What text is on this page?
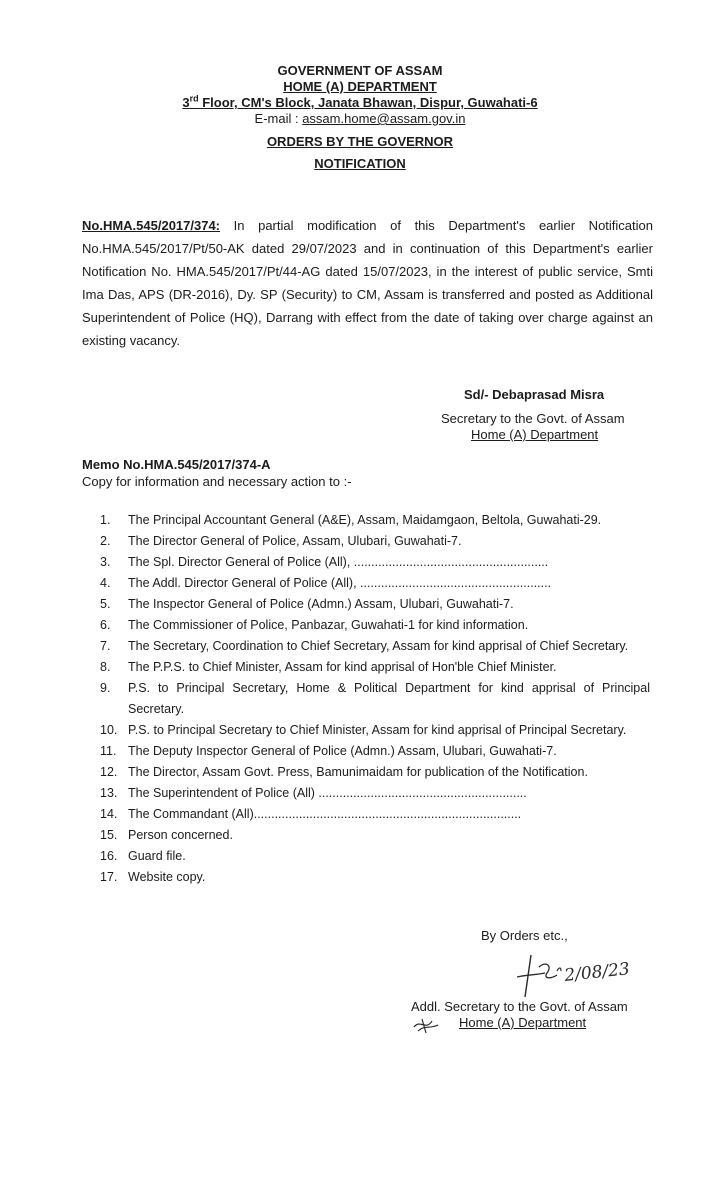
GOVERNMENT OF ASSAM
HOME (A) DEPARTMENT
3rd Floor, CM's Block, Janata Bhawan, Dispur, Guwahati-6
E-mail : assam.home@assam.gov.in
ORDERS BY THE GOVERNOR
NOTIFICATION

No.HMA.545/2017/374: In partial modification of this Department's earlier Notification No.HMA.545/2017/Pt/50-AK dated 29/07/2023 and in continuation of this Department's earlier Notification No. HMA.545/2017/Pt/44-AG dated 15/07/2023, in the interest of public service, Smti Ima Das, APS (DR-2016), Dy. SP (Security) to CM, Assam is transferred and posted as Additional Superintendent of Police (HQ), Darrang with effect from the date of taking over charge against an existing vacancy.

Sd/- Debaprasad Misra
Secretary to the Govt. of Assam
Home (A) Department
Memo No.HMA.545/2017/374-A
Copy for information and necessary action to :-
1.	The Principal Accountant General (A&E), Assam, Maidamgaon, Beltola, Guwahati-29.
2.	The Director General of Police, Assam, Ulubari, Guwahati-7.
3.	The Spl. Director General of Police (All), ........................................................
4.	The Addl. Director General of Police (All), .......................................................
5.	The Inspector General of Police (Admn.) Assam, Ulubari, Guwahati-7.
6.	The Commissioner of Police, Panbazar, Guwahati-1 for kind information.
7.	The Secretary, Coordination to Chief Secretary, Assam for kind apprisal of Chief Secretary.
8.	The P.P.S. to Chief Minister, Assam for kind apprisal of Hon'ble Chief Minister.
9.	P.S. to Principal Secretary, Home & Political Department for kind apprisal of Principal Secretary.
10. P.S. to Principal Secretary to Chief Minister, Assam for kind apprisal of Principal Secretary.
11. The Deputy Inspector General of Police (Admn.) Assam, Ulubari, Guwahati-7.
12. The Director, Assam Govt. Press, Bamunimaidam for publication of the Notification.
13. The Superintendent of Police (All) ............................................................
14. The Commandant (All).............................................................................
15. Person concerned.
16. Guard file.
17. Website copy.
By Orders etc.,
2/08/23
Addl. Secretary to the Govt. of Assam
Home (A) Department
